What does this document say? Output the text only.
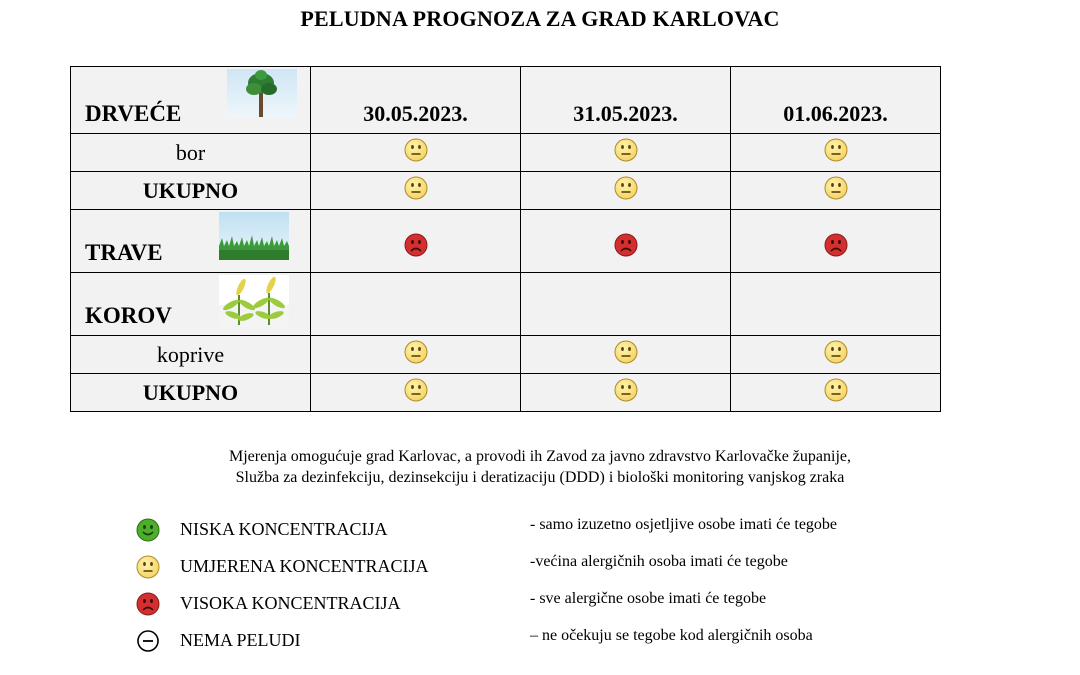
PELUDNA PROGNOZA ZA GRAD KARLOVAC
DRVEĆE	30.05.2023.	31.05.2023.	01.06.2023.

bor			
UKUPNO			

TRAVE

KOROV			

koprive			
UKUPNO			
Mjerenja omogućuje grad Karlovac, a provodi ih Zavod za javno zdravstvo Karlovačke županije,
Služba za dezinfekciju, dezinsekciju i deratizaciju (DDD) i biološki monitoring vanjskog zraka
NISKA KONCENTRACIJA	- samo izuzetno osjetljive osobe imati će tegobe
UMJERENA KONCENTRACIJA	-većina alergičnih osoba imati će tegobe
VISOKA KONCENTRACIJA	- sve alergične osobe imati će tegobe
NEMA PELUDI	– ne očekuju se tegobe kod alergičnih osoba
